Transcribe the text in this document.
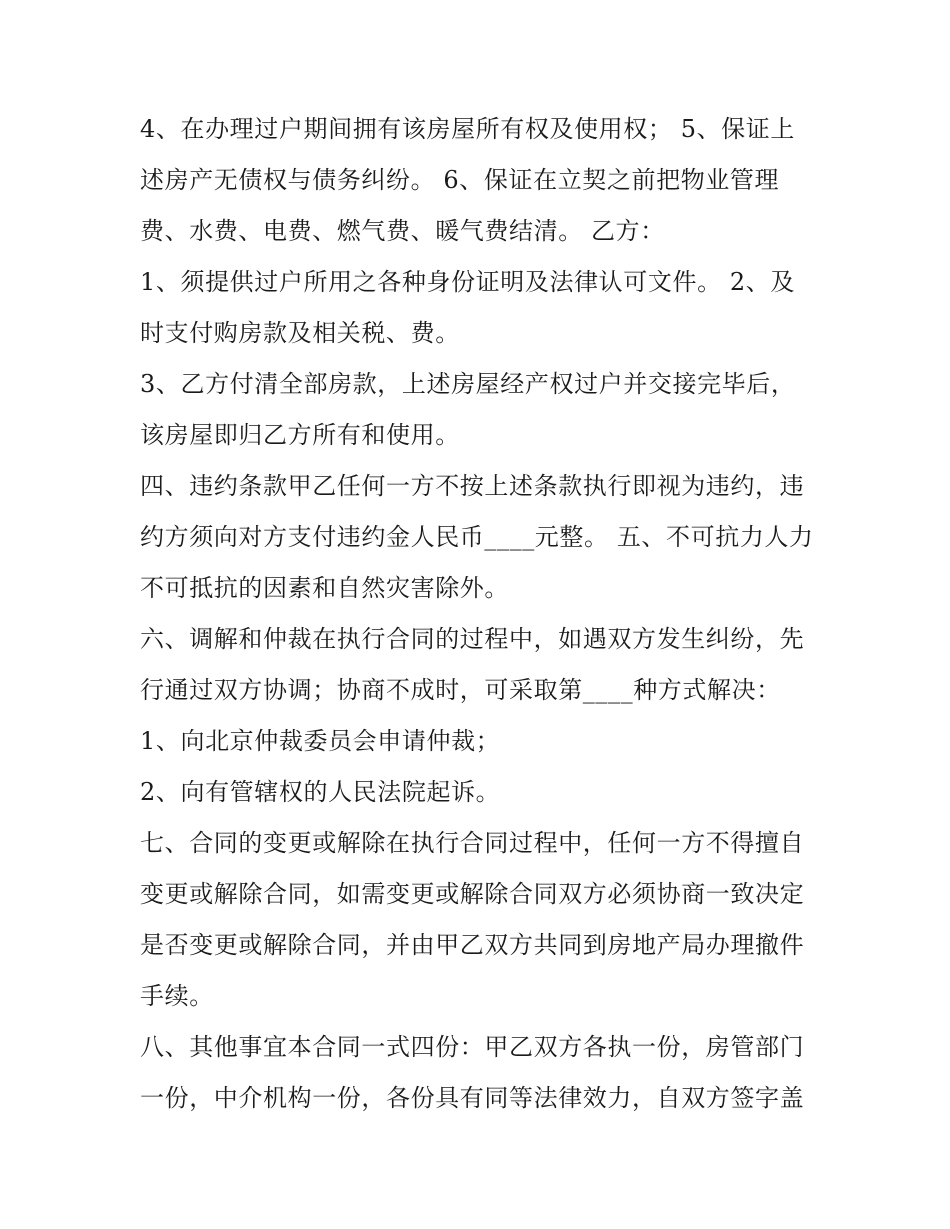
4、在办理过户期间拥有该房屋所有权及使用权； 5、保证上述房产无债权与债务纠纷。 6、保证在立契之前把物业管理费、水费、电费、燃气费、暖气费结清。 乙方：

1、须提供过户所用之各种身份证明及法律认可文件。 2、及时支付购房款及相关税、费。

3、乙方付清全部房款，上述房屋经产权过户并交接完毕后，该房屋即归乙方所有和使用。

四、违约条款甲乙任何一方不按上述条款执行即视为违约，违约方须向对方支付违约金人民币____元整。 五、不可抗力人力不可抵抗的因素和自然灾害除外。

六、调解和仲裁在执行合同的过程中，如遇双方发生纠纷，先行通过双方协调；协商不成时，可采取第____种方式解决：

1、向北京仲裁委员会申请仲裁；

2、向有管辖权的人民法院起诉。

七、合同的变更或解除在执行合同过程中，任何一方不得擅自变更或解除合同，如需变更或解除合同双方必须协商一致决定是否变更或解除合同，并由甲乙双方共同到房地产局办理撤件手续。

八、其他事宜本合同一式四份：甲乙双方各执一份，房管部门一份，中介机构一份，各份具有同等法律效力，自双方签字盖
